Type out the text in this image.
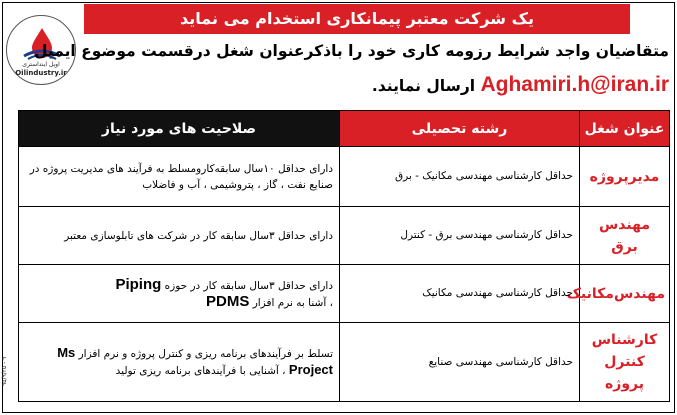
یک شرکت معتبر پیمانکاری استخدام می نماید
اویل اینداستری
Oilindustry.ir
متقاضیان واجد شرایط رزومه کاری خود را باذکرعنوان شغل درقسمت موضوع ایمیل
Aghamiri.h@iran.ir ارسال نمایند.
عنوان شغل	رشته تحصیلی	صلاحیت های مورد نیاز
مدیرپروژه	حداقل کارشناسی مهندسی مکانیک - برق	دارای حداقل ۱۰سال سابقه‌کارومسلط به فرآیند های مدیریت پروژه در صنایع نفت ، گاز ، پتروشیمی ، آب و فاضلاب
مهندس برق	حداقل کارشناسی مهندسی برق - کنترل	دارای حداقل ۳سال سابقه کار در شرکت های تابلوسازی معتبر
مهندس‌مکانیک	حداقل کارشناسی مهندسی مکانیک	دارای حداقل ۳سال سابقه کار در حوزه Piping
، آشنا به نرم افزار PDMS
کارشناس
کنترل پروژه	حداقل کارشناسی مهندسی صنایع	تسلط بر فرآیندهای برنامه ریزی و کنترل پروژه و نرم افزار Ms Project ، آشنایی با فرآیندهای برنامه ریزی تولید
۹۵/۹/۲۵ - ۹
